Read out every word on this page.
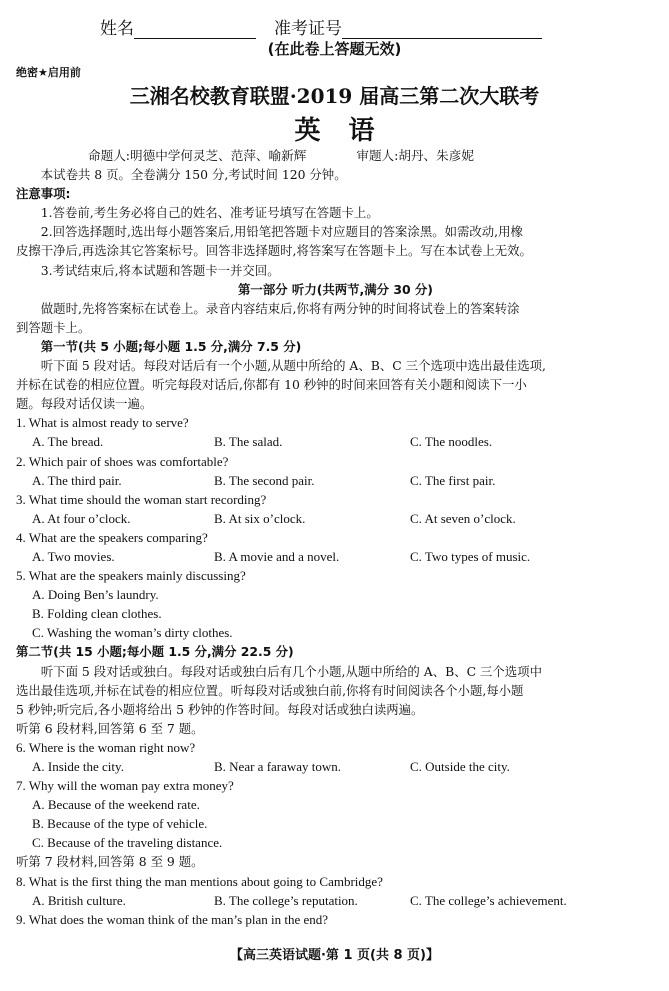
姓名	准考证号
(在此卷上答题无效)
绝密★启用前
三湘名校教育联盟·2019 届高三第二次大联考
英语
命题人:明德中学何灵芝、范萍、喻新辉	审题人:胡丹、朱彦妮

本试卷共 8 页。全卷满分 150 分,考试时间 120 分钟。

注意事项:

1.答卷前,考生务必将自己的姓名、准考证号填写在答题卡上。

2.回答选择题时,选出每小题答案后,用铅笔把答题卡对应题目的答案涂黑。如需改动,用橡

皮擦干净后,再选涂其它答案标号。回答非选择题时,将答案写在答题卡上。写在本试卷上无效。

3.考试结束后,将本试题和答题卡一并交回。

第一部分 听力(共两节,满分 30 分)

做题时,先将答案标在试卷上。录音内容结束后,你将有两分钟的时间将试卷上的答案转涂

到答题卡上。

第一节(共 5 小题;每小题 1.5 分,满分 7.5 分)

听下面 5 段对话。每段对话后有一个小题,从题中所给的 A、B、C 三个选项中选出最佳选项,

并标在试卷的相应位置。听完每段对话后,你都有 10 秒钟的时间来回答有关小题和阅读下一小

题。每段对话仅读一遍。

1. What is almost ready to serve?

A. The bread.	B. The salad.	C. The noodles.

2. Which pair of shoes was comfortable?

A. The third pair.	B. The second pair.	C. The first pair.

3. What time should the woman start recording?

A. At four o’clock.	B. At six o’clock.	C. At seven o’clock.

4. What are the speakers comparing?

A. Two movies.	B. A movie and a novel.	C. Two types of music.

5. What are the speakers mainly discussing?

A. Doing Ben’s laundry.

B. Folding clean clothes.

C. Washing the woman’s dirty clothes.

第二节(共 15 小题;每小题 1.5 分,满分 22.5 分)

听下面 5 段对话或独白。每段对话或独白后有几个小题,从题中所给的 A、B、C 三个选项中

选出最佳选项,并标在试卷的相应位置。听每段对话或独白前,你将有时间阅读各个小题,每小题

5 秒钟;听完后,各小题将给出 5 秒钟的作答时间。每段对话或独白读两遍。

听第 6 段材料,回答第 6 至 7 题。

6. Where is the woman right now?

A. Inside the city.	B. Near a faraway town.	C. Outside the city.

7. Why will the woman pay extra money?

A. Because of the weekend rate.

B. Because of the type of vehicle.

C. Because of the traveling distance.

听第 7 段材料,回答第 8 至 9 题。

8. What is the first thing the man mentions about going to Cambridge?

A. British culture.	B. The college’s reputation.	C. The college’s achievement.

9. What does the woman think of the man’s plan in the end?

【高三英语试题·第 1 页(共 8 页)】
